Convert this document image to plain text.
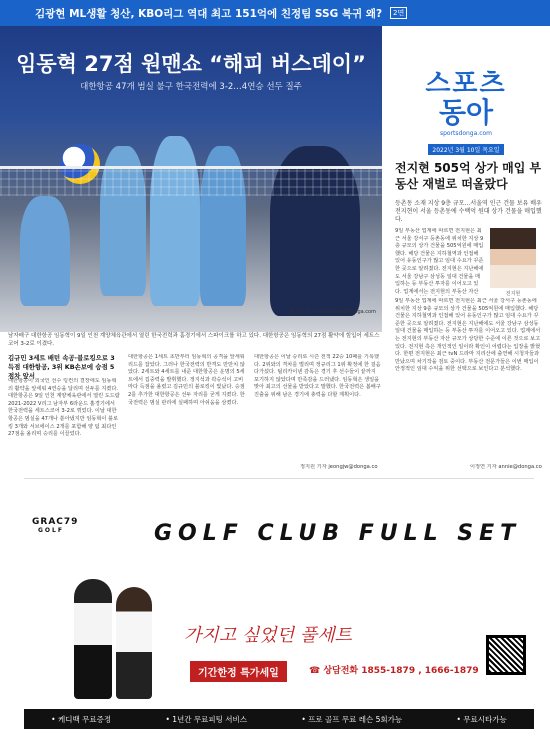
김광현 ML생활 청산, KBO리그 역대 최고 151억에 친정팀 SSG 복귀 왜?	2면
임동혁 27점 원맨쇼 “해피 버스데이”
대한항공 47개 범실 불구 한국전력에 3-2…4연승 선두 질주
김민성 기자 marineboy@donga.com
남자배구 대한항공 임동혁이 9일 인천 계양체육관에서 열린 한국전력과 홈경기에서 스파이크를 하고 있다. 대한항공은 임동혁의 27점 활약에 힘입어 세트스코어 3-2로 이겼다.
스포츠
동아
sportsdonga.com
2022년 3월 10일 목요일
전지현 505억 상가 매입 부동산 재벌로 떠올랐다
등촌동 소재 지상 9층 규모…서울역 인근 건물 보유 배우 전지현이 서울 등촌동에 수백억 원대 상가 건물을 매입했다.
전지현
9일 부동산 업계에 따르면 전지현은 최근 서울 강서구 등촌동에 위치한 지상 9층 규모의 상가 건물을 505억원에 매입했다. 해당 건물은 지하철역과 인접해 있어 유동인구가 많고 임대 수요가 꾸준한 곳으로 알려졌다. 전지현은 지난해에도 서울 강남구 삼성동 일대 건물을 매입하는 등 부동산 투자를 이어오고 있다. 업계에서는 전지현의 부동산 자산
9일 부동산 업계에 따르면 전지현은 최근 서울 강서구 등촌동에 위치한 지상 9층 규모의 상가 건물을 505억원에 매입했다. 해당 건물은 지하철역과 인접해 있어 유동인구가 많고 임대 수요가 꾸준한 곳으로 알려졌다. 전지현은 지난해에도 서울 강남구 삼성동 일대 건물을 매입하는 등 부동산 투자를 이어오고 있다. 업계에서는 전지현의 부동산 자산 규모가 상당한 수준에 이른 것으로 보고 있다. 전지현 측은 개인적인 일이라 확인이 어렵다는 입장을 밝혔다. 한편 전지현은 최근 tvN 드라마 지리산에 출연해 시청자들과 만났으며 차기작을 검토 중이다. 부동산 전문가들은 이번 매입이 안정적인 임대 수익을 위한 선택으로 보인다고 분석했다.
이정연 기자 annie@donga.co
김규민 3세트 배턴 속공·블로킹으로 3득점 대한항공, 3위 KB손보에 승점 5점차 앞서
대한항공이 외국인 선수 링컨의 결장에도 임동혁의 활약을 앞세워 4연승을 달리며 선두를 지켰다. 대한항공은 9일 인천 계양체육관에서 열린 도드람 2021-2022 V리그 남자부 6라운드 홈경기에서 한국전력을 세트스코어 3-2로 꺾었다. 이날 대한항공은 범실을 47개나 쏟아냈지만 임동혁이 블로킹 3개와 서브에이스 2개를 포함해 양 팀 최다인 27점을 올리며 승리를 이끌었다.
대한항공은 1세트 초반부터 임동혁의 공격을 앞세워 리드를 잡았다. 그러나 한국전력의 반격도 만만치 않았다. 2세트와 4세트를 내준 대한항공은 운명의 5세트에서 집중력을 발휘했다. 정지석과 곽승석이 고비마다 득점을 올렸고 김규민의 블로킹이 빛났다. 승점 2를 추가한 대한항공은 선두 자리를 굳게 지켰다. 한국전력은 범실 관리에 실패하며 아쉬움을 삼켰다.
대한항공은 이날 승리로 시즌 전적 22승 10패를 기록했다. 2위와의 격차를 벌리며 정규리그 1위 확정에 한 걸음 다가섰다. 틸리카이넨 감독은 경기 후 선수들이 끝까지 포기하지 않았다며 만족감을 드러냈다. 임동혁은 생일을 맞아 최고의 선물을 받았다고 말했다. 한국전력은 봄배구 진출을 위해 남은 경기에 총력을 다할 계획이다.
정지원 기자 jeongjw@donga.co
GRAC79
GOLF	GOLF CLUB FULL SET
가지고 싶었던 풀세트
기간한정 특가세일	☎ 상담전화 1855-1879 , 1666-1879
• 케디백 무료증정	• 1년간 무료피팅 서비스	• 프로 골프 무료 레슨 5회가능	• 무료시타가능
